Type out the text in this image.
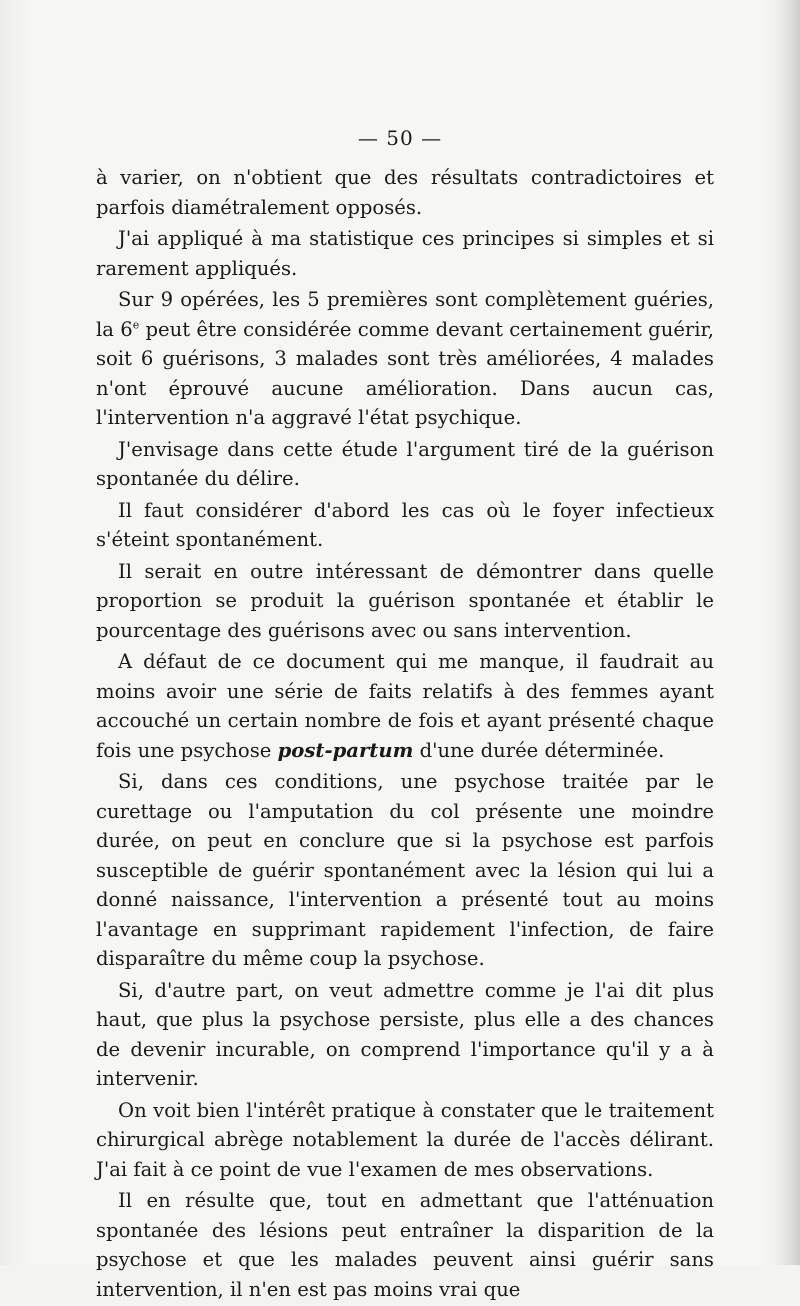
— 50 —

à varier, on n'obtient que des résultats contradictoires et parfois diamétralement opposés.

J'ai appliqué à ma statistique ces principes si simples et si rarement appliqués.

Sur 9 opérées, les 5 premières sont complètement guéries, la 6e peut être considérée comme devant certainement guérir, soit 6 guérisons, 3 malades sont très améliorées, 4 malades n'ont éprouvé aucune amélioration. Dans aucun cas, l'intervention n'a aggravé l'état psychique.

J'envisage dans cette étude l'argument tiré de la guérison spontanée du délire.

Il faut considérer d'abord les cas où le foyer infectieux s'éteint spontanément.

Il serait en outre intéressant de démontrer dans quelle proportion se produit la guérison spontanée et établir le pourcentage des guérisons avec ou sans intervention.

A défaut de ce document qui me manque, il faudrait au moins avoir une série de faits relatifs à des femmes ayant accouché un certain nombre de fois et ayant présenté chaque fois une psychose post-partum d'une durée déterminée.

Si, dans ces conditions, une psychose traitée par le curettage ou l'amputation du col présente une moindre durée, on peut en conclure que si la psychose est parfois susceptible de guérir spontanément avec la lésion qui lui a donné naissance, l'intervention a présenté tout au moins l'avantage en supprimant rapidement l'infection, de faire disparaître du même coup la psychose.

Si, d'autre part, on veut admettre comme je l'ai dit plus haut, que plus la psychose persiste, plus elle a des chances de devenir incurable, on comprend l'importance qu'il y a à intervenir.

On voit bien l'intérêt pratique à constater que le traitement chirurgical abrège notablement la durée de l'accès délirant. J'ai fait à ce point de vue l'examen de mes observations.

Il en résulte que, tout en admettant que l'atténuation spontanée des lésions peut entraîner la disparition de la psychose et que les malades peuvent ainsi guérir sans intervention, il n'en est pas moins vrai que
